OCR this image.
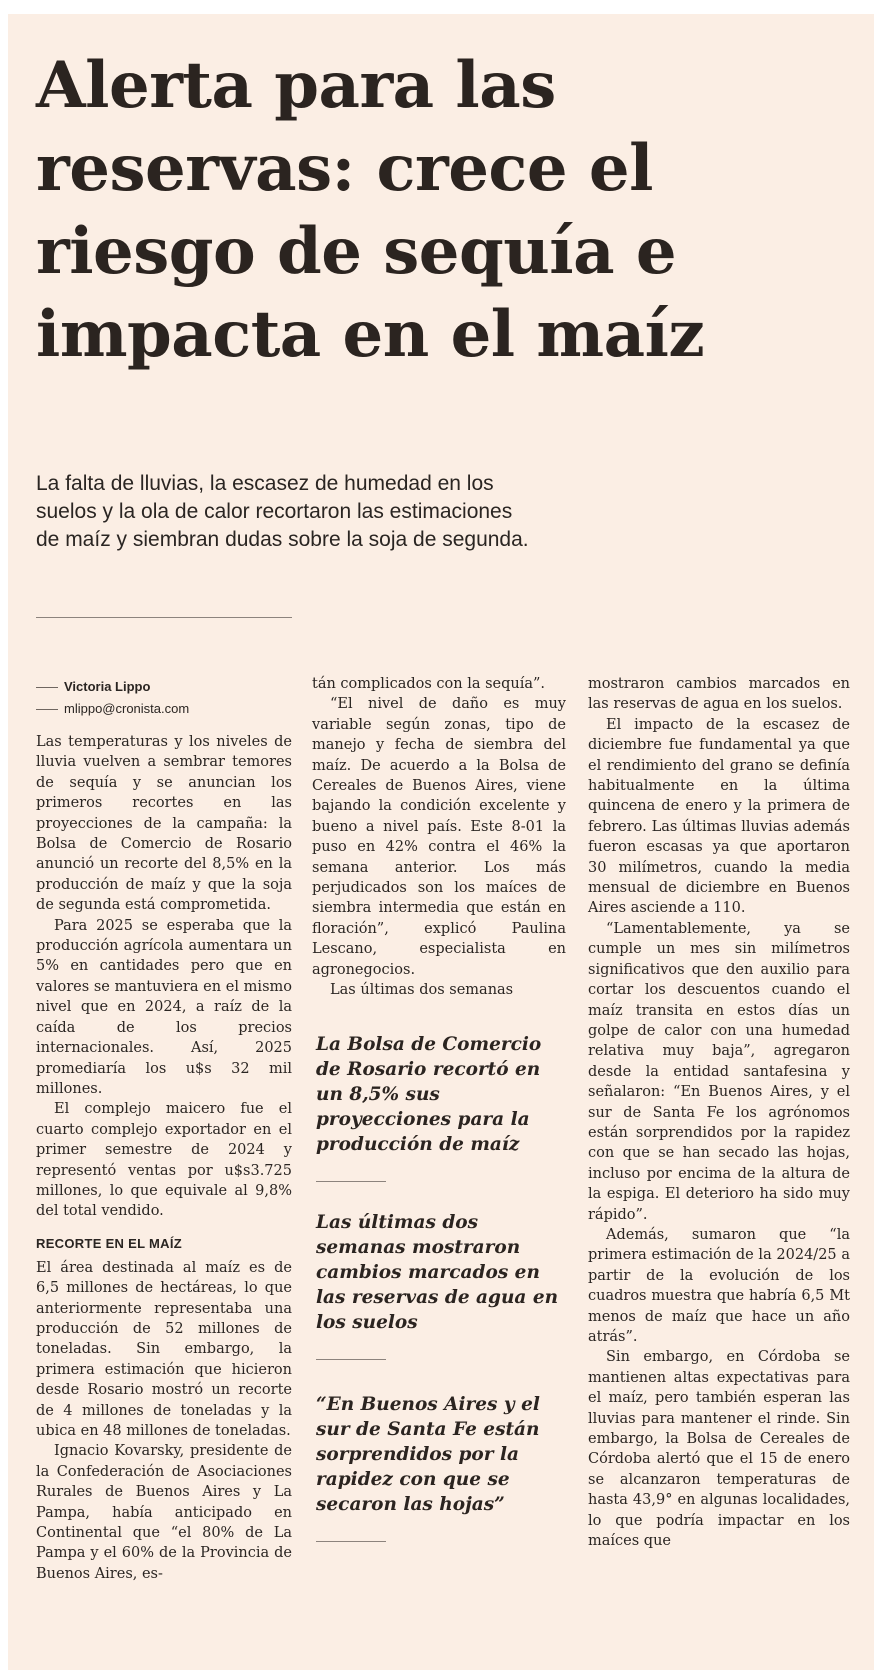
Alerta para las
reservas: crece el
riesgo de sequía e
impacta en el maíz

La falta de lluvias, la escasez de humedad en los suelos y la ola de calor recortaron las estimaciones de maíz y siembran dudas sobre la soja de segunda.

Victoria Lippo
mlippo@cronista.com

Las temperaturas y los niveles de lluvia vuelven a sembrar temores de sequía y se anuncian los primeros recortes en las proyecciones de la campaña: la Bolsa de Comercio de Rosario anunció un recorte del 8,5% en la producción de maíz y que la soja de segunda está comprometida.

Para 2025 se esperaba que la producción agrícola aumentara un 5% en cantidades pero que en valores se mantuviera en el mismo nivel que en 2024, a raíz de la caída de los precios internacionales. Así, 2025 promediaría los u$s 32 mil millones.

El complejo maicero fue el cuarto complejo exportador en el primer semestre de 2024 y representó ventas por u$s3.725 millones, lo que equivale al 9,8% del total vendido.

RECORTE EN EL MAÍZ

El área destinada al maíz es de 6,5 millones de hectáreas, lo que anteriormente representaba una producción de 52 millones de toneladas. Sin embargo, la primera estimación que hicieron desde Rosario mostró un recorte de 4 millones de toneladas y la ubica en 48 millones de toneladas.

Ignacio Kovarsky, presidente de la Confederación de Asociaciones Rurales de Buenos Aires y La Pampa, había anticipado en Continental que “el 80% de La Pampa y el 60% de la Provincia de Buenos Aires, es-

tán complicados con la sequía”.

“El nivel de daño es muy variable según zonas, tipo de manejo y fecha de siembra del maíz. De acuerdo a la Bolsa de Cereales de Buenos Aires, viene bajando la condición excelente y bueno a nivel país. Este 8-01 la puso en 42% contra el 46% la semana anterior. Los más perjudicados son los maíces de siembra intermedia que están en floración”, explicó Paulina Lescano, especialista en agronegocios.

Las últimas dos semanas

La Bolsa de Comercio de Rosario recortó en un 8,5% sus proyecciones para la producción de maíz

Las últimas dos semanas mostraron cambios marcados en las reservas de agua en los suelos

“En Buenos Aires y el sur de Santa Fe están sorprendidos por la rapidez con que se secaron las hojas”

mostraron cambios marcados en las reservas de agua en los suelos.

El impacto de la escasez de diciembre fue fundamental ya que el rendimiento del grano se definía habitualmente en la última quincena de enero y la primera de febrero. Las últimas lluvias además fueron escasas ya que aportaron 30 milímetros, cuando la media mensual de diciembre en Buenos Aires asciende a 110.

“Lamentablemente, ya se cumple un mes sin milímetros significativos que den auxilio para cortar los descuentos cuando el maíz transita en estos días un golpe de calor con una humedad relativa muy baja”, agregaron desde la entidad santafesina y señalaron: “En Buenos Aires, y el sur de Santa Fe los agrónomos están sorprendidos por la rapidez con que se han secado las hojas, incluso por encima de la altura de la espiga. El deterioro ha sido muy rápido”.

Además, sumaron que “la primera estimación de la 2024/25 a partir de la evolución de los cuadros muestra que habría 6,5 Mt menos de maíz que hace un año atrás”.

Sin embargo, en Córdoba se mantienen altas expectativas para el maíz, pero también esperan las lluvias para mantener el rinde. Sin embargo, la Bolsa de Cereales de Córdoba alertó que el 15 de enero se alcanzaron temperaturas de hasta 43,9° en algunas localidades, lo que podría impactar en los maíces que
